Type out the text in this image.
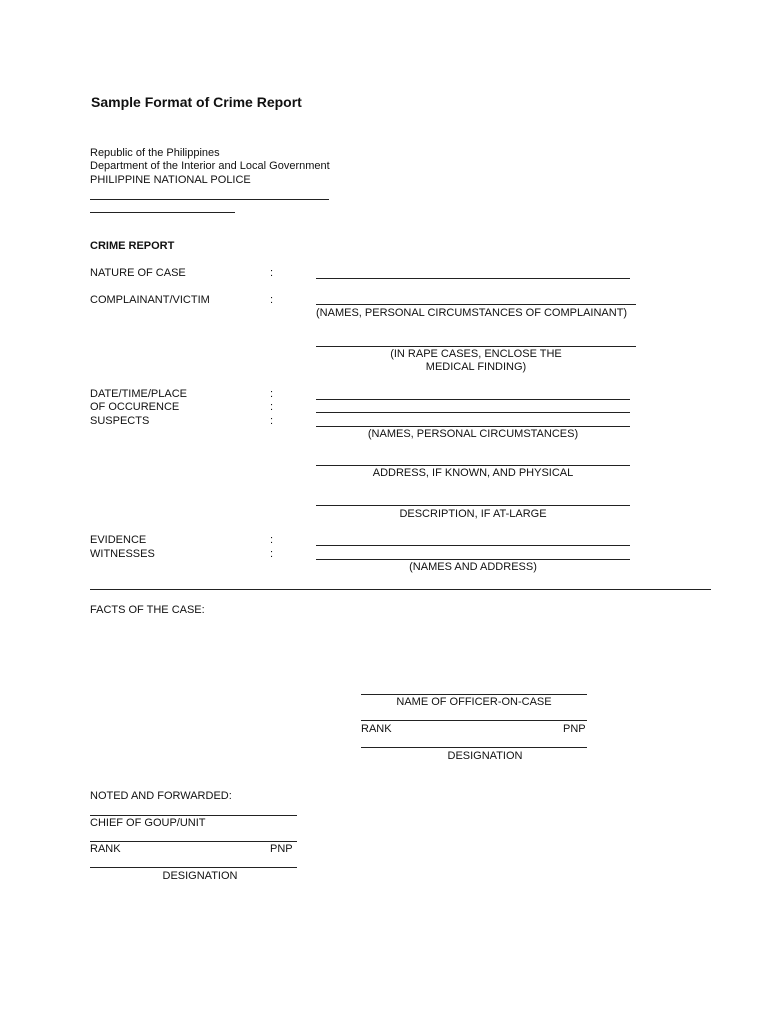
Sample Format of Crime Report
Republic of the Philippines
Department of the Interior and Local Government
PHILIPPINE NATIONAL POLICE
CRIME REPORT
NATURE OF CASE	:
COMPLAINANT/VICTIM	:
(NAMES, PERSONAL CIRCUMSTANCES OF COMPLAINANT)
(IN RAPE CASES, ENCLOSE THE
MEDICAL FINDING)
DATE/TIME/PLACE	:
OF OCCURENCE	:
SUSPECTS	:
(NAMES, PERSONAL CIRCUMSTANCES)
ADDRESS, IF KNOWN, AND PHYSICAL
DESCRIPTION, IF AT-LARGE
EVIDENCE	:
WITNESSES	:
(NAMES AND ADDRESS)
FACTS OF THE CASE:
NAME OF OFFICER-ON-CASE
RANK	PNP
DESIGNATION
NOTED AND FORWARDED:
CHIEF OF GOUP/UNIT
RANK	PNP
DESIGNATION
